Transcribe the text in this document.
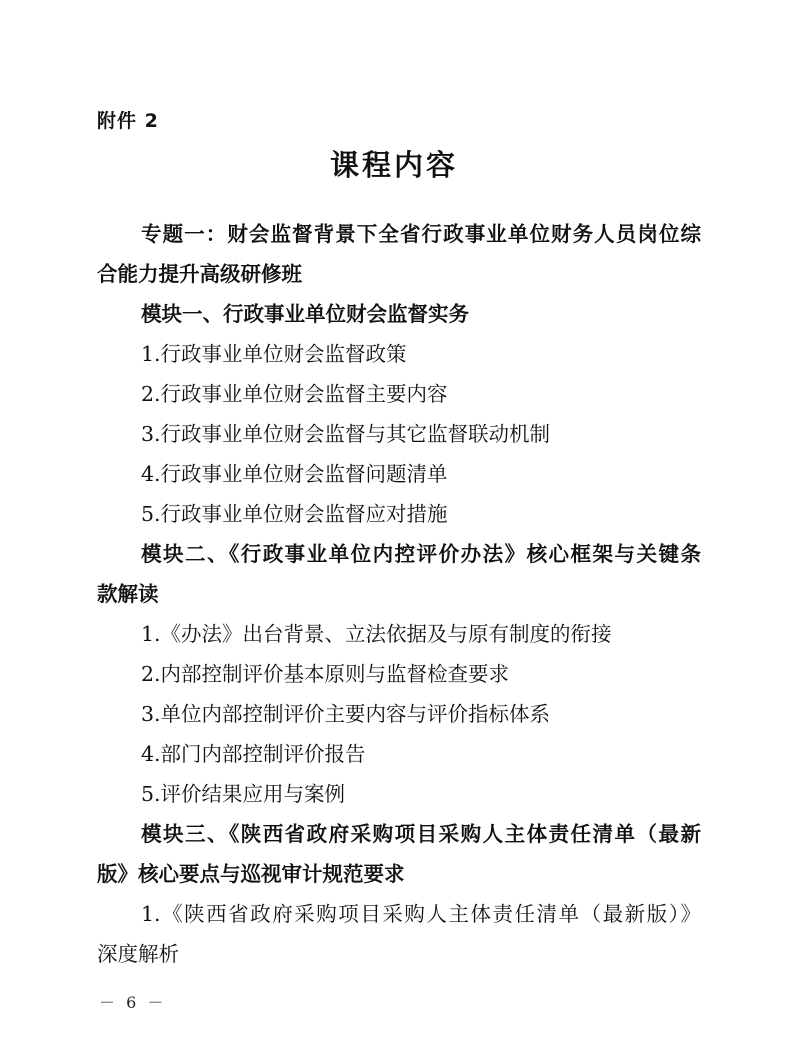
附件 2
课程内容
专题一：财会监督背景下全省行政事业单位财务人员岗位综
合能力提升高级研修班
模块一、行政事业单位财会监督实务
1.行政事业单位财会监督政策
2.行政事业单位财会监督主要内容
3.行政事业单位财会监督与其它监督联动机制
4.行政事业单位财会监督问题清单
5.行政事业单位财会监督应对措施
模块二、《行政事业单位内控评价办法》核心框架与关键条
款解读
1.《办法》出台背景、立法依据及与原有制度的衔接
2.内部控制评价基本原则与监督检查要求
3.单位内部控制评价主要内容与评价指标体系
4.部门内部控制评价报告
5.评价结果应用与案例
模块三、《陕西省政府采购项目采购人主体责任清单（最新
版》核心要点与巡视审计规范要求
1.《陕西省政府采购项目采购人主体责任清单（最新版）》
深度解析
－ 6 －
